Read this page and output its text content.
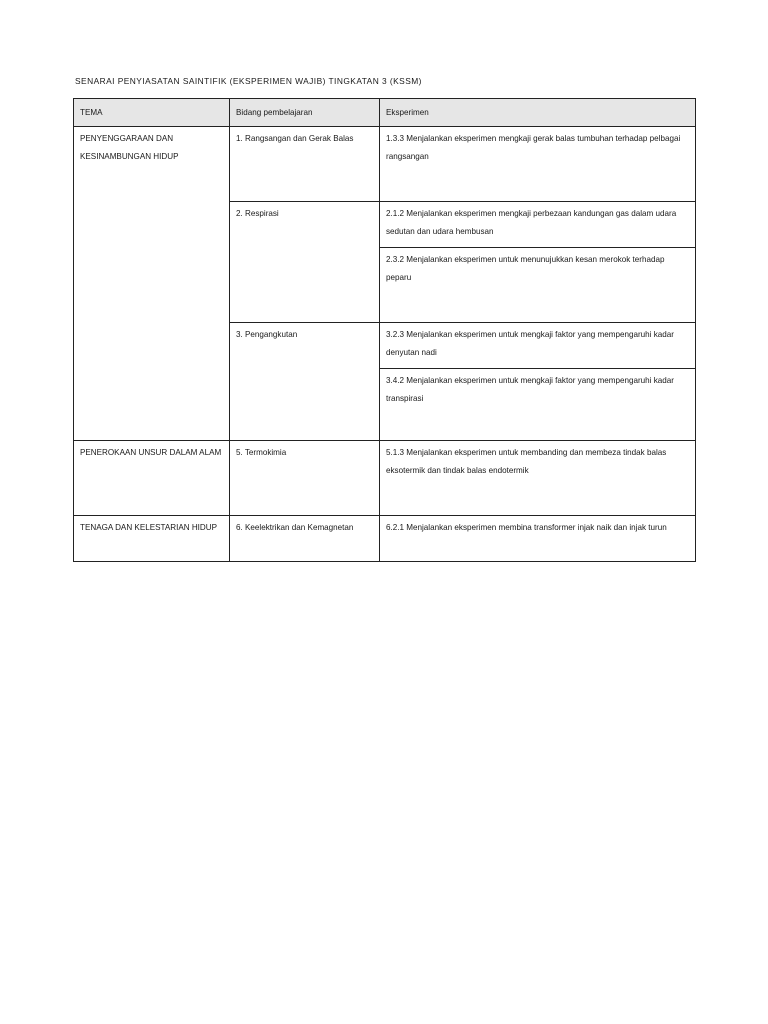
SENARAI PENYIASATAN SAINTIFIK (EKSPERIMEN WAJIB) TINGKATAN 3 (KSSM)
TEMA	Bidang pembelajaran	Eksperimen

PENYENGGARAAN DAN KESINAMBUNGAN HIDUP	1. Rangsangan dan Gerak Balas	1.3.3 Menjalankan eksperimen mengkaji gerak balas tumbuhan terhadap pelbagai rangsangan

	2. Respirasi	2.1.2 Menjalankan eksperimen mengkaji perbezaan kandungan gas dalam udara sedutan dan udara hembusan

		2.3.2 Menjalankan eksperimen untuk menunujukkan kesan merokok terhadap peparu

	3. Pengangkutan	3.2.3 Menjalankan eksperimen untuk mengkaji faktor yang mempengaruhi kadar denyutan nadi

		3.4.2 Menjalankan eksperimen untuk mengkaji faktor yang mempengaruhi kadar transpirasi

PENEROKAAN UNSUR DALAM ALAM	5. Termokimia	5.1.3 Menjalankan eksperimen untuk membanding dan membeza tindak balas eksotermik dan tindak balas endotermik

TENAGA DAN KELESTARIAN HIDUP	6. Keelektrikan dan Kemagnetan	6.2.1 Menjalankan eksperimen membina transformer injak naik dan injak turun
